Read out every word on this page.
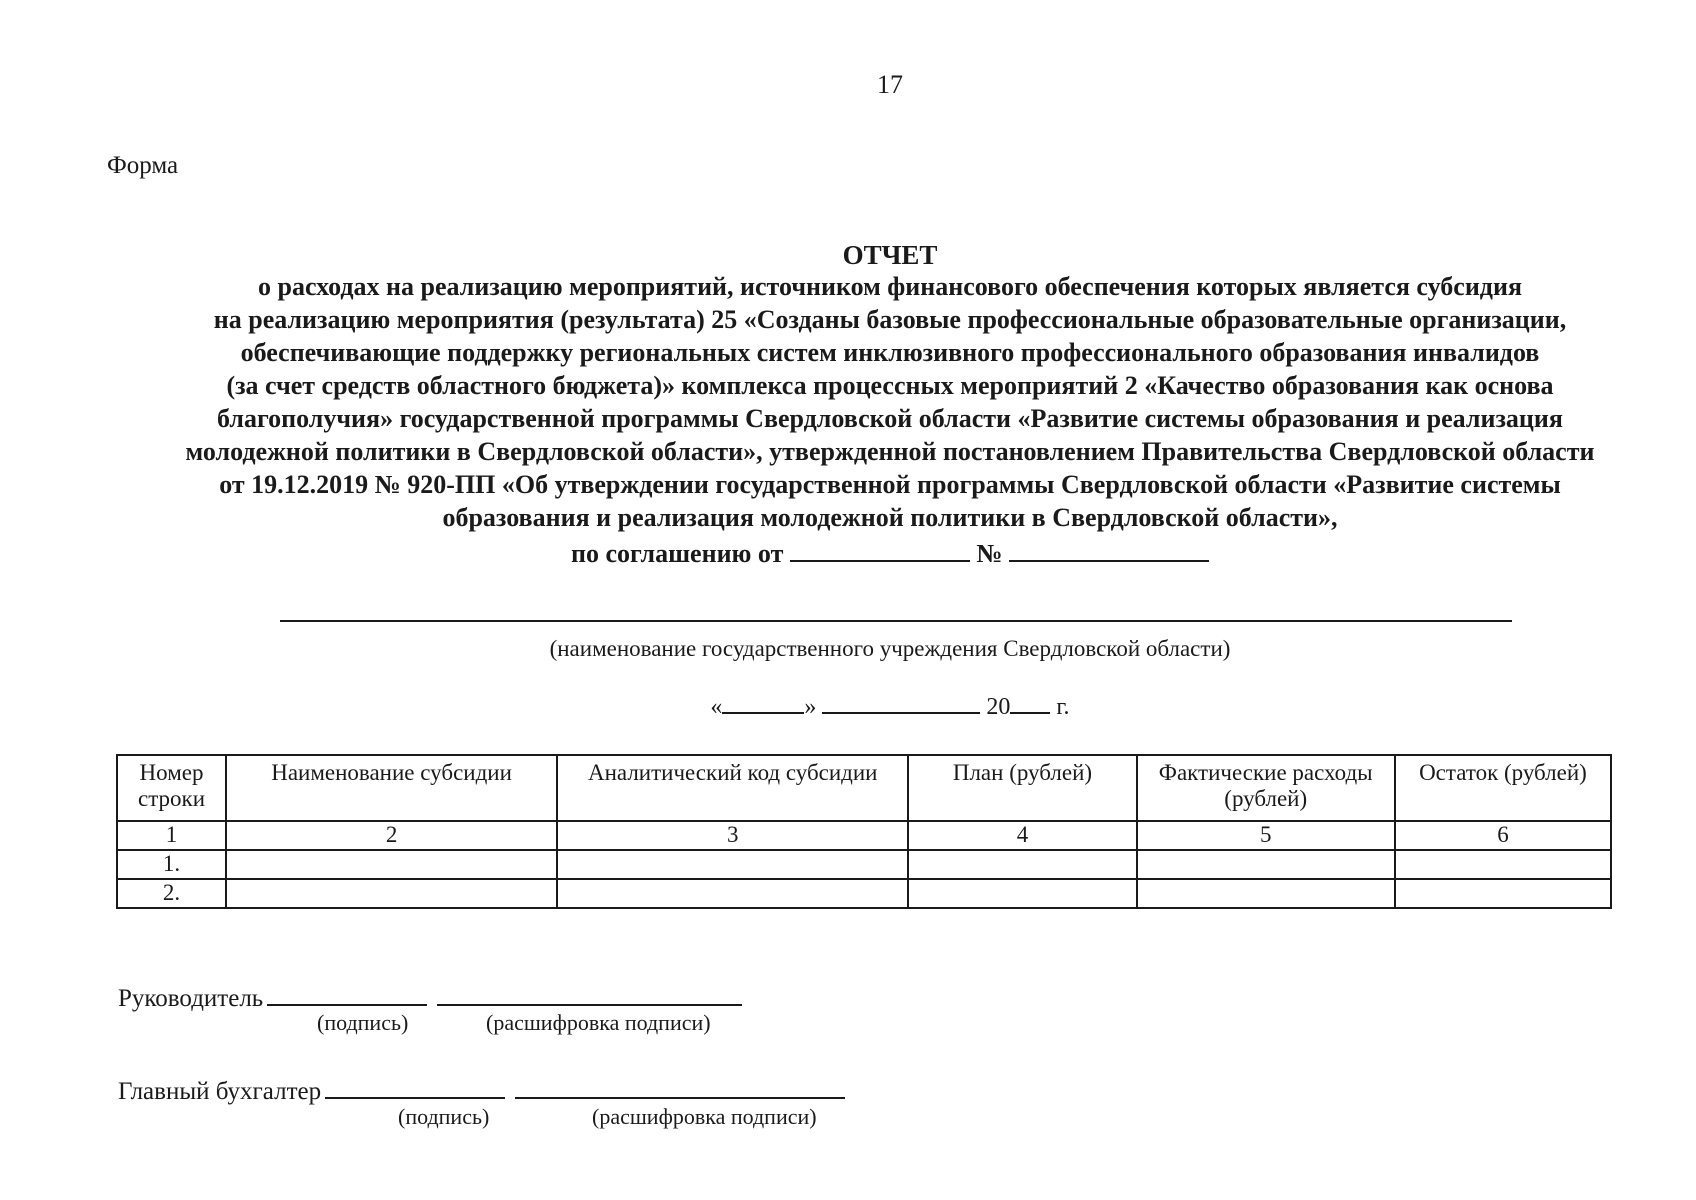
17
Форма
ОТЧЕТ
о расходах на реализацию мероприятий, источником финансового обеспечения которых является субсидия
на реализацию мероприятия (результата) 25 «Созданы базовые профессиональные образовательные организации,
обеспечивающие поддержку региональных систем инклюзивного профессионального образования инвалидов
(за счет средств областного бюджета)» комплекса процессных мероприятий 2 «Качество образования как основа
благополучия» государственной программы Свердловской области «Развитие системы образования и реализация
молодежной политики в Свердловской области», утвержденной постановлением Правительства Свердловской области
от 19.12.2019 № 920-ПП «Об утверждении государственной программы Свердловской области «Развитие системы
образования и реализация молодежной политики в Свердловской области»,
по соглашению от	№
(наименование государственного учреждения Свердловской области)
«	»	20 г.
Номер строки	Наименование субсидии	Аналитический код субсидии	План (рублей)	Фактические расходы (рублей)	Остаток (рублей)
1	2	3	4	5	6
1.					
2.					
Руководитель
(подпись)	(расшифровка подписи)
Главный бухгалтер
(подпись)	(расшифровка подписи)
